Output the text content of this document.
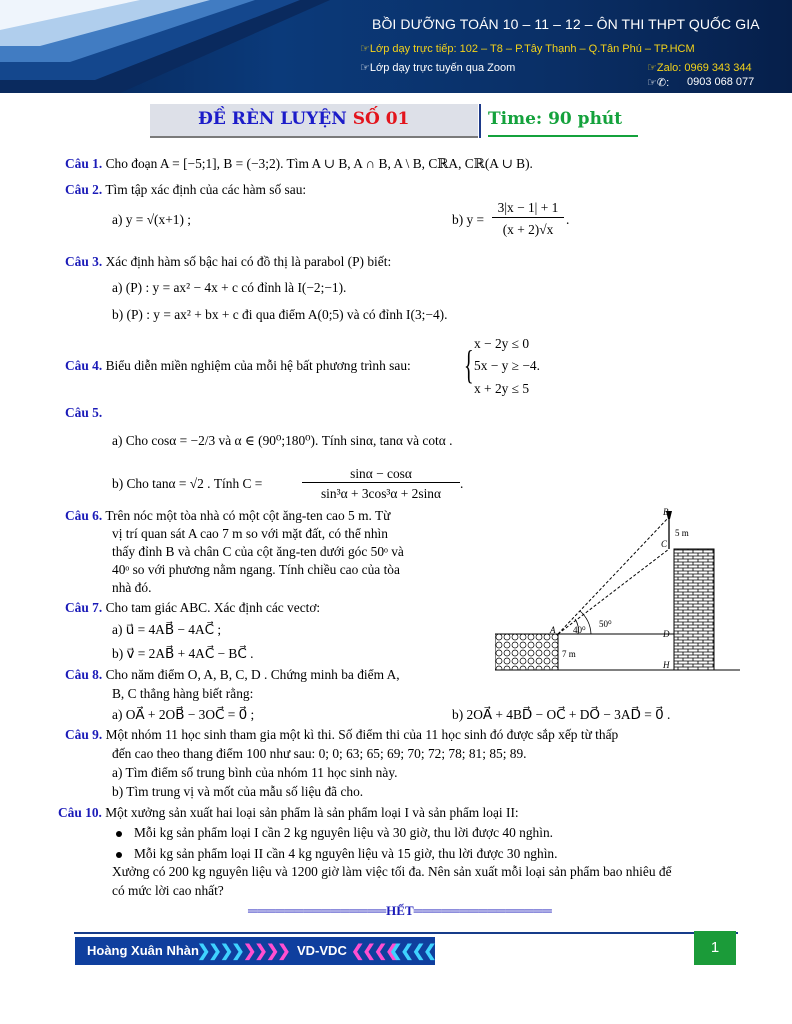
BỒI DƯỠNG TOÁN 10 – 11 – 12 – ÔN THI THPT QUỐC GIA
☞Lớp dạy trực tiếp: 102 – T8 – P.Tây Thạnh – Q.Tân Phú – TP.HCM
☞Lớp dạy trực tuyến qua Zoom	☞Zalo: 0969 343 344
☞✆: 0903 068 077
ĐỀ RÈN LUYỆN SỐ 01	Time: 90 phút
Câu 1. Cho đoạn A = [−5;1], B = (−3;2). Tìm A ∪ B, A ∩ B, A \ B, CℝA, Cℝ(A ∪ B).
Câu 2. Tìm tập xác định của các hàm số sau:
a) y = √(x+1) ;	b) y =
3|x − 1| + 1
(x + 2)√x
.
Câu 3. Xác định hàm số bậc hai có đồ thị là parabol (P) biết:
a) (P) : y = ax² − 4x + c có đỉnh là I(−2;−1).
b) (P) : y = ax² + bx + c đi qua điểm A(0;5) và có đỉnh I(3;−4).
Câu 4. Biểu diễn miền nghiệm của mỗi hệ bất phương trình sau: { x − 2y ≤ 0
5x − y ≥ −4.
x + 2y ≤ 5
Câu 5.
a) Cho cosα = −2/3 và α ∈ (90⁰;180⁰). Tính sinα, tanα và cotα .
b) Cho tanα = √2 . Tính C =
sinα − cosα
sin³α + 3cos³α + 2sinα
.
Câu 6. Trên nóc một tòa nhà có một cột ăng-ten cao 5 m. Từ
vị trí quan sát A cao 7 m so với mặt đất, có thể nhìn
thấy đỉnh B và chân C của cột ăng-ten dưới góc 50ᵒ và
40ᵒ so với phương nằm ngang. Tính chiều cao của tòa
nhà đó.
Câu 7. Cho tam giác ABC. Xác định các vectơ:
a) u⃗ = 4AB⃗ − 4AC⃗ ;
b) v⃗ = 2AB⃗ + 4AC⃗ − BC⃗ .
Câu 8. Cho năm điểm O, A, B, C, D . Chứng minh ba điểm A,
B, C thẳng hàng biết rằng:
a) OA⃗ + 2OB⃗ − 3OC⃗ = 0⃗ ;	b) 2OA⃗ + 4BD⃗ − OC⃗ + DO⃗ − 3AD⃗ = 0⃗ .
Câu 9. Một nhóm 11 học sinh tham gia một kì thi. Số điểm thi của 11 học sinh đó được sắp xếp từ thấp
đến cao theo thang điểm 100 như sau: 0; 0; 63; 65; 69; 70; 72; 78; 81; 85; 89.
a) Tìm điểm số trung bình của nhóm 11 học sinh này.
b) Tìm trung vị và mốt của mẫu số liệu đã cho.
Câu 10. Một xưởng sản xuất hai loại sản phẩm là sản phẩm loại I và sản phẩm loại II:
Mỗi kg sản phẩm loại I cần 2 kg nguyên liệu và 30 giờ, thu lời được 40 nghìn.
Mỗi kg sản phẩm loại II cần 4 kg nguyên liệu và 15 giờ, thu lời được 30 nghìn.
Xưởng có 200 kg nguyên liệu và 1200 giờ làm việc tối đa. Nên sản xuất mỗi loại sản phẩm bao nhiêu để
có mức lời cao nhất?
B
C
A	D
H
40⁰
50⁰
5 m
7 m
═══════════════HẾT═══════════════
Hoàng Xuân Nhàn
❯❯❯❯ ❯❯❯❯ VD-VDC ❮❮❮❮
❮❮❮❮	1
